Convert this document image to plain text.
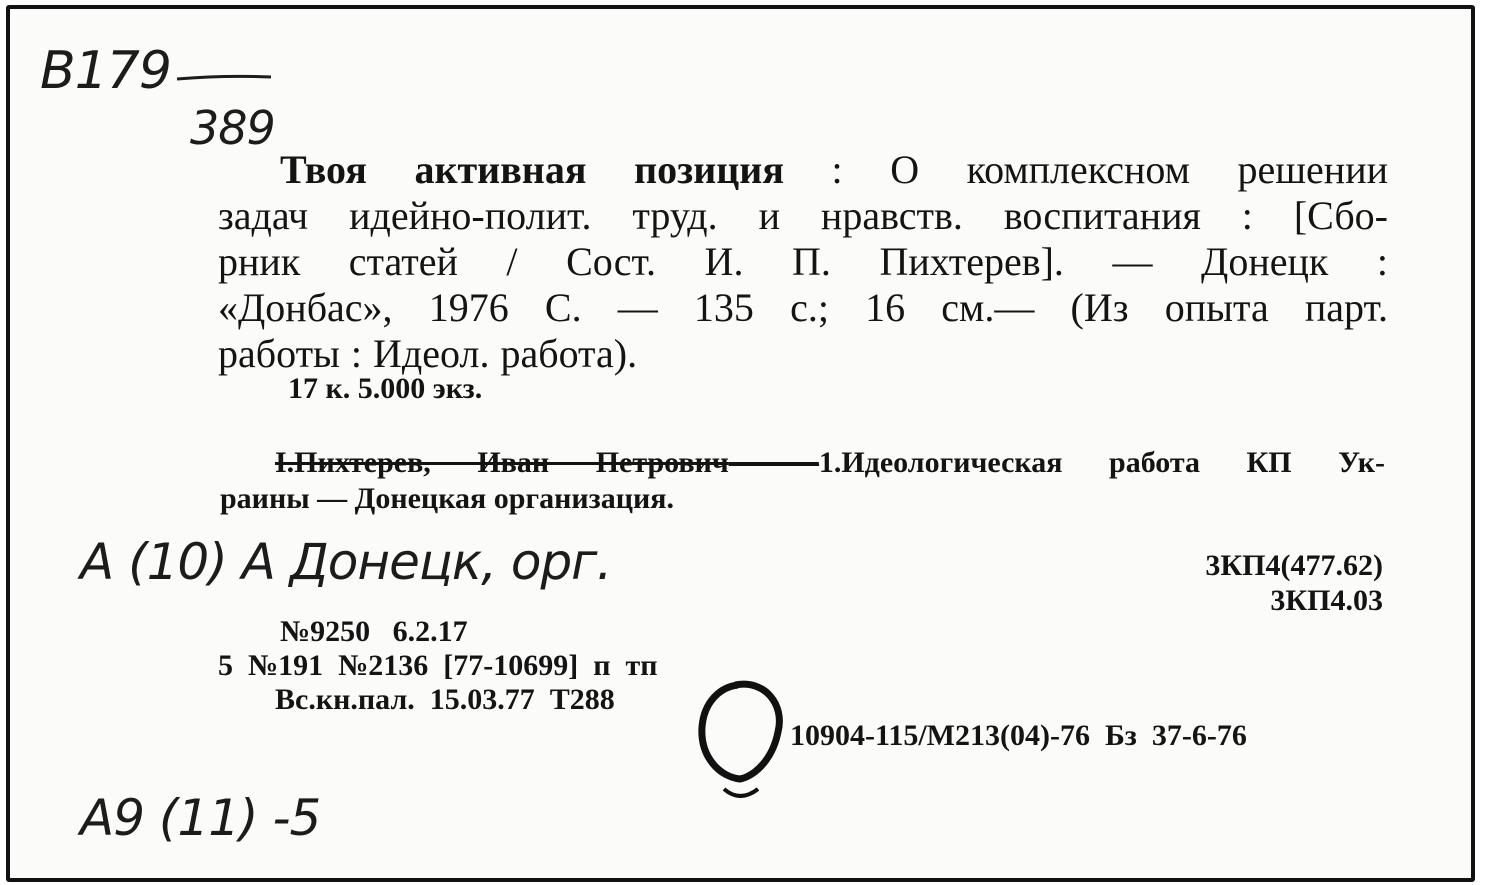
B179
389
Твоя активная позиция : О комплексном решении
задач идейно-полит. труд. и нравств. воспитания : [Сбо-
рник статей / Сост. И. П. Пихтерев]. — Донецк :
«Донбас», 1976 С. — 135 с.; 16 см.— (Из опыта парт.
работы : Идеол. работа).
17 к. 5.000 экз.
I.Пихтерев, Иван Петрович———1.Идеологическая работа КП Ук-
раины — Донецкая организация.
А (10) А Донецк, орг.	3КП4(477.62)
3КП4.03
№9250   6.2.17
5  №191  №2136  [77-10699]  п  тп
Вс.кн.пал.  15.03.77  Т288
10904-115/М213(04)-76  Бз  37-6-76
А9 (11) -5
